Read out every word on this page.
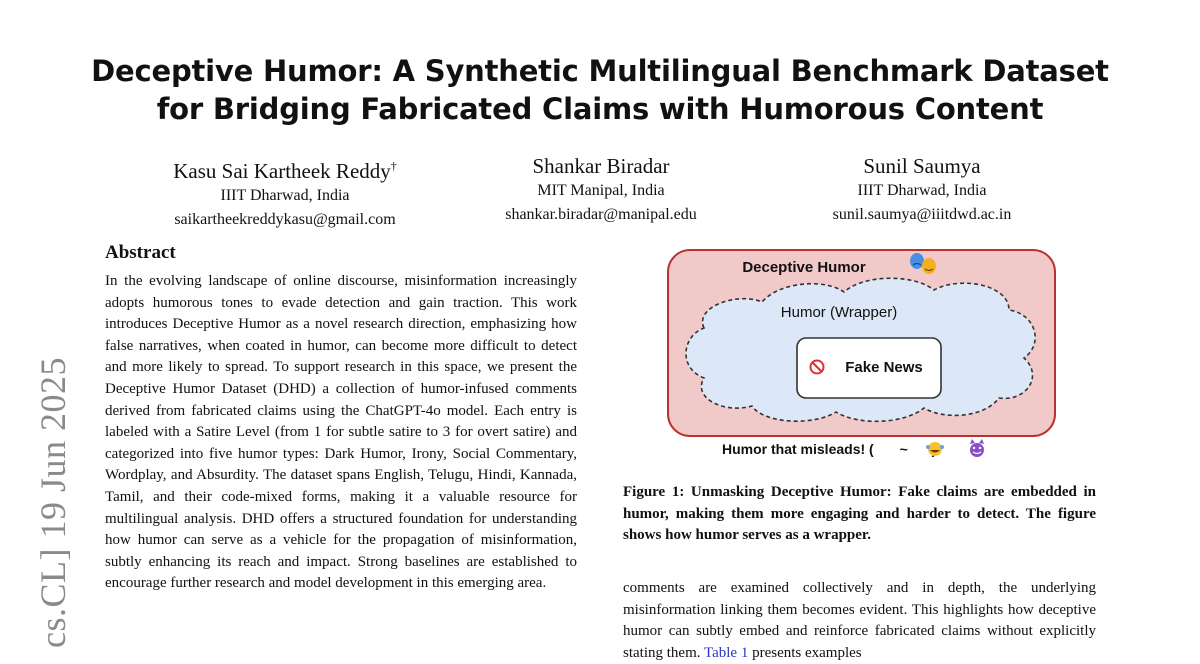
Deceptive Humor: A Synthetic Multilingual Benchmark Dataset
for Bridging Fabricated Claims with Humorous Content
Kasu Sai Kartheek Reddy†
IIIT Dharwad, India
saikartheekreddykasu@gmail.com
Shankar Biradar
MIT Manipal, India
shankar.biradar@manipal.edu
Sunil Saumya
IIIT Dharwad, India
sunil.saumya@iiitdwd.ac.in
cs.CL] 19 Jun 2025
Abstract

In the evolving landscape of online discourse, misinformation increasingly adopts humorous tones to evade detection and gain traction. This work introduces Deceptive Humor as a novel research direction, emphasizing how false narratives, when coated in humor, can become more difficult to detect and more likely to spread. To support research in this space, we present the Deceptive Humor Dataset (DHD) a collection of humor-infused comments derived from fabricated claims using the ChatGPT-4o model. Each entry is labeled with a Satire Level (from 1 for subtle satire to 3 for overt satire) and categorized into five humor types: Dark Humor, Irony, Social Commentary, Wordplay, and Absurdity. The dataset spans English, Telugu, Hindi, Kannada, Tamil, and their code-mixed forms, making it a valuable resource for multilingual analysis. DHD offers a structured foundation for understanding how humor can serve as a vehicle for the propagation of misinformation, subtly enhancing its reach and impact. Strong baselines are established to encourage further research and model development in this emerging area.

Deceptive Humor
Humor (Wrapper)
Fake News
Humor that misleads! ( ~

Figure 1: Unmasking Deceptive Humor: Fake claims are embedded in humor, making them more engaging and harder to detect. The figure shows how humor serves as a wrapper.

comments are examined collectively and in depth, the underlying misinformation linking them becomes evident. This highlights how deceptive humor can subtly embed and reinforce fabricated claims without explicitly stating them. Table 1 presents examples
